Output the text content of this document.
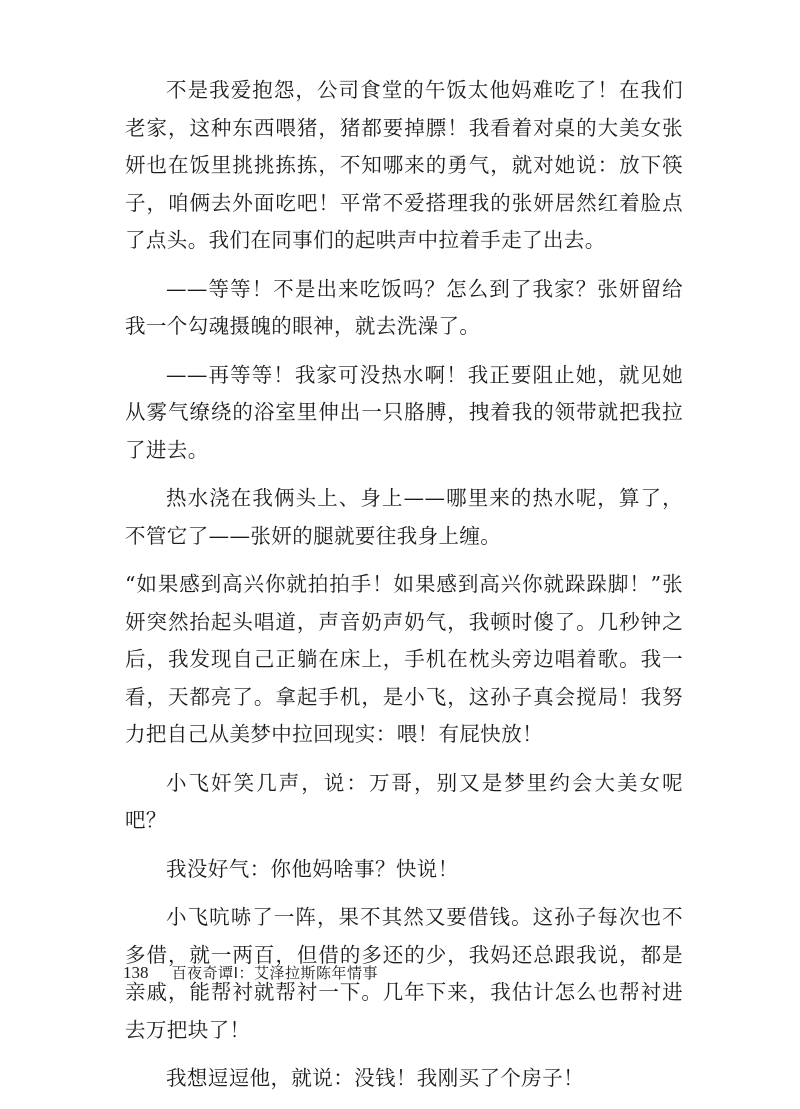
不是我爱抱怨，公司食堂的午饭太他妈难吃了！在我们老家，这种东西喂猪，猪都要掉膘！我看着对桌的大美女张妍也在饭里挑挑拣拣，不知哪来的勇气，就对她说：放下筷子，咱俩去外面吃吧！平常不爱搭理我的张妍居然红着脸点了点头。我们在同事们的起哄声中拉着手走了出去。

——等等！不是出来吃饭吗？怎么到了我家？张妍留给我一个勾魂摄魄的眼神，就去洗澡了。

——再等等！我家可没热水啊！我正要阻止她，就见她从雾气缭绕的浴室里伸出一只胳膊，拽着我的领带就把我拉了进去。

热水浇在我俩头上、身上——哪里来的热水呢，算了，不管它了——张妍的腿就要往我身上缠。

“如果感到高兴你就拍拍手！如果感到高兴你就跺跺脚！”张妍突然抬起头唱道，声音奶声奶气，我顿时傻了。几秒钟之后，我发现自己正躺在床上，手机在枕头旁边唱着歌。我一看，天都亮了。拿起手机，是小飞，这孙子真会搅局！我努力把自己从美梦中拉回现实：喂！有屁快放！

小飞奸笑几声，说：万哥，别又是梦里约会大美女呢吧？

我没好气：你他妈啥事？快说！

小飞吭哧了一阵，果不其然又要借钱。这孙子每次也不多借，就一两百，但借的多还的少，我妈还总跟我说，都是亲戚，能帮衬就帮衬一下。几年下来，我估计怎么也帮衬进去万把块了！

我想逗逗他，就说：没钱！我刚买了个房子！

138 百夜奇谭Ⅰ：艾泽拉斯陈年情事
